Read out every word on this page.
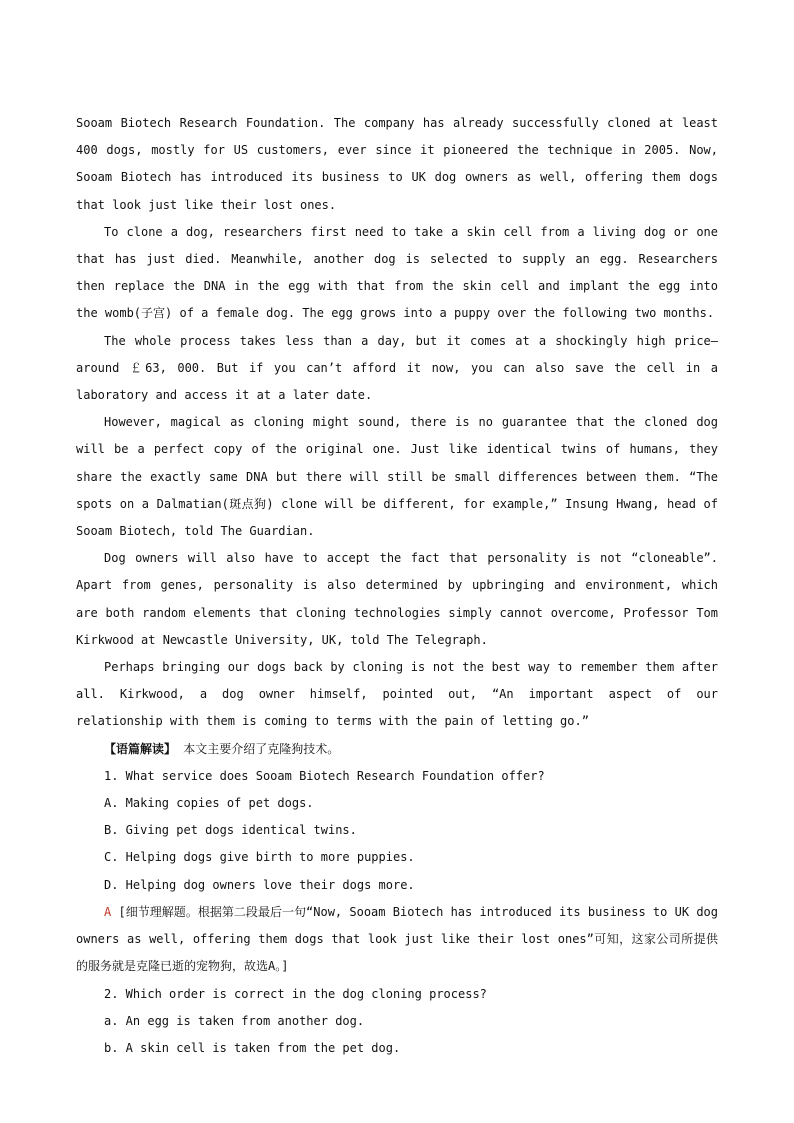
Sooam Biotech Research Foundation. The company has already successfully cloned at least 400 dogs, mostly for US customers, ever since it pioneered the technique in 2005. Now, Sooam Biotech has introduced its business to UK dog owners as well, offering them dogs that look just like their lost ones.

To clone a dog, researchers first need to take a skin cell from a living dog or one that has just died. Meanwhile, another dog is selected to supply an egg. Researchers then replace the DNA in the egg with that from the skin cell and implant the egg into the womb(子宫) of a female dog. The egg grows into a puppy over the following two months.

The whole process takes less than a day, but it comes at a shockingly high price—around ￡63, 000. But if you can’t afford it now, you can also save the cell in a laboratory and access it at a later date.

However, magical as cloning might sound, there is no guarantee that the cloned dog will be a perfect copy of the original one. Just like identical twins of humans, they share the exactly same DNA but there will still be small differences between them. “The spots on a Dalmatian(斑点狗) clone will be different, for example,” Insung Hwang, head of Sooam Biotech, told The Guardian.

Dog owners will also have to accept the fact that personality is not “cloneable”. Apart from genes, personality is also determined by upbringing and environment, which are both random elements that cloning technologies simply cannot overcome, Professor Tom Kirkwood at Newcastle University, UK, told The Telegraph.

Perhaps bringing our dogs back by cloning is not the best way to remember them after all. Kirkwood, a dog owner himself, pointed out, “An important aspect of our relationship with them is coming to terms with the pain of letting go.”

【语篇解读】 本文主要介绍了克隆狗技术。

1. What service does Sooam Biotech Research Foundation offer?

A. Making copies of pet dogs.

B. Giving pet dogs identical twins.

C. Helping dogs give birth to more puppies.

D. Helping dog owners love their dogs more.

A [细节理解题。根据第二段最后一句“Now, Sooam Biotech has introduced its business to UK dog owners as well, offering them dogs that look just like their lost ones”可知，这家公司所提供的服务就是克隆已逝的宠物狗，故选A。]

2. Which order is correct in the dog cloning process?

a. An egg is taken from another dog.

b. A skin cell is taken from the pet dog.
